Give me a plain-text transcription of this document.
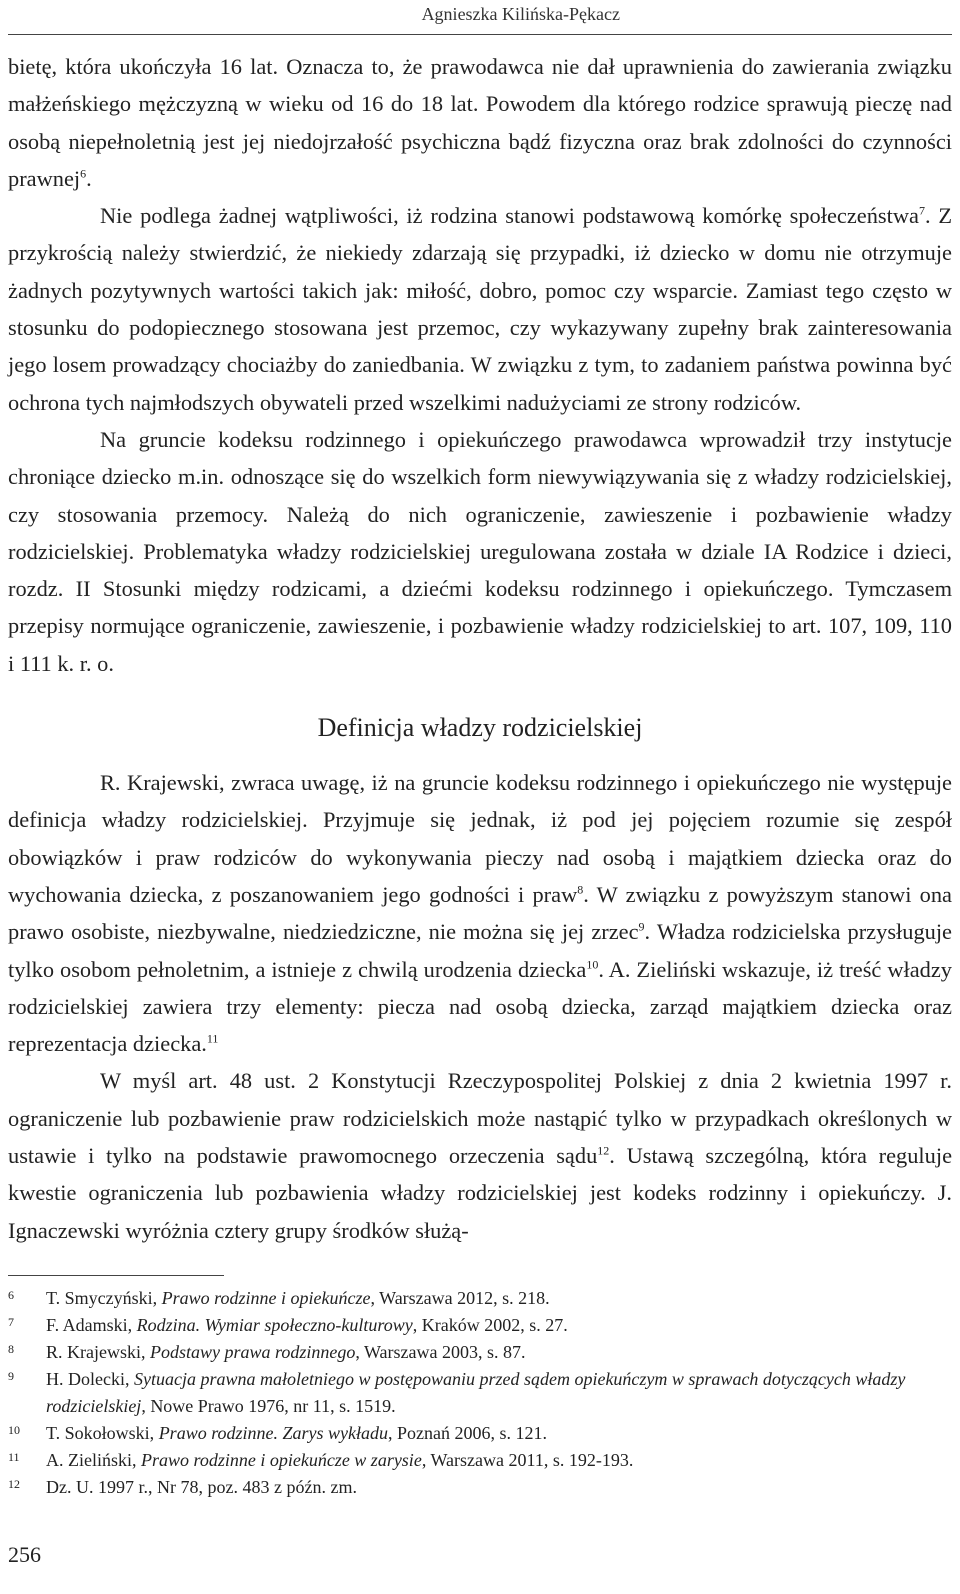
Agnieszka Kilińska-Pękacz

bietę, która ukończyła 16 lat. Oznacza to, że prawodawca nie dał uprawnienia do zawierania związku małżeńskiego mężczyzną w wieku od 16 do 18 lat. Powodem dla którego rodzice sprawują pieczę nad osobą niepełnoletnią jest jej niedojrzałość psychiczna bądź fizyczna oraz brak zdolności do czynności prawnej$^6$.

Nie podlega żadnej wątpliwości, iż rodzina stanowi podstawową komórkę społeczeństwa$^7$. Z przykrością należy stwierdzić, że niekiedy zdarzają się przypadki, iż dziecko w domu nie otrzymuje żadnych pozytywnych wartości takich jak: miłość, dobro, pomoc czy wsparcie. Zamiast tego często w stosunku do podopiecznego stosowana jest przemoc, czy wykazywany zupełny brak zainteresowania jego losem prowadzący chociażby do zaniedbania. W związku z tym, to zadaniem państwa powinna być ochrona tych najmłodszych obywateli przed wszelkimi nadużyciami ze strony rodziców.

Na gruncie kodeksu rodzinnego i opiekuńczego prawodawca wprowadził trzy instytucje chroniące dziecko m.in. odnoszące się do wszelkich form niewywiązywania się z władzy rodzicielskiej, czy stosowania przemocy. Należą do nich ograniczenie, zawieszenie i pozbawienie władzy rodzicielskiej. Problematyka władzy rodzicielskiej uregulowana została w dziale IA Rodzice i dzieci, rozdz. II Stosunki między rodzicami, a dziećmi kodeksu rodzinnego i opiekuńczego. Tymczasem przepisy normujące ograniczenie, zawieszenie, i pozbawienie władzy rodzicielskiej to art. 107, 109, 110 i 111 k. r. o.

Definicja władzy rodzicielskiej

R. Krajewski, zwraca uwagę, iż na gruncie kodeksu rodzinnego i opiekuńczego nie występuje definicja władzy rodzicielskiej. Przyjmuje się jednak, iż pod jej pojęciem rozumie się zespół obowiązków i praw rodziców do wykonywania pieczy nad osobą i majątkiem dziecka oraz do wychowania dziecka, z poszanowaniem jego godności i praw$^8$. W związku z powyższym stanowi ona prawo osobiste, niezbywalne, niedziedziczne, nie można się jej zrzec$^9$. Władza rodzicielska przysługuje tylko osobom pełnoletnim, a istnieje z chwilą urodzenia dziecka$^{10}$. A. Zieliński wskazuje, iż treść władzy rodzicielskiej zawiera trzy elementy: piecza nad osobą dziecka, zarząd majątkiem dziecka oraz reprezentacja dziecka.$^{11}$

W myśl art. 48 ust. 2 Konstytucji Rzeczypospolitej Polskiej z dnia 2 kwietnia 1997 r. ograniczenie lub pozbawienie praw rodzicielskich może nastąpić tylko w przypadkach określonych w ustawie i tylko na podstawie prawomocnego orzeczenia sądu$^{12}$. Ustawą szczególną, która reguluje kwestie ograniczenia lub pozbawienia władzy rodzicielskiej jest kodeks rodzinny i opiekuńczy. J. Ignaczewski wyróżnia cztery grupy środków służą-

6 T. Smyczyński, Prawo rodzinne i opiekuńcze, Warszawa 2012, s. 218.
7 F. Adamski, Rodzina. Wymiar społeczno-kulturowy, Kraków 2002, s. 27.
8 R. Krajewski, Podstawy prawa rodzinnego, Warszawa 2003, s. 87.
9 H. Dolecki, Sytuacja prawna małoletniego w postępowaniu przed sądem opiekuńczym w sprawach dotyczących władzy rodzicielskiej, Nowe Prawo 1976, nr 11, s. 1519.
10 T. Sokołowski, Prawo rodzinne. Zarys wykładu, Poznań 2006, s. 121.
11 A. Zieliński, Prawo rodzinne i opiekuńcze w zarysie, Warszawa 2011, s. 192-193.
12 Dz. U. 1997 r., Nr 78, poz. 483 z późn. zm.
256
